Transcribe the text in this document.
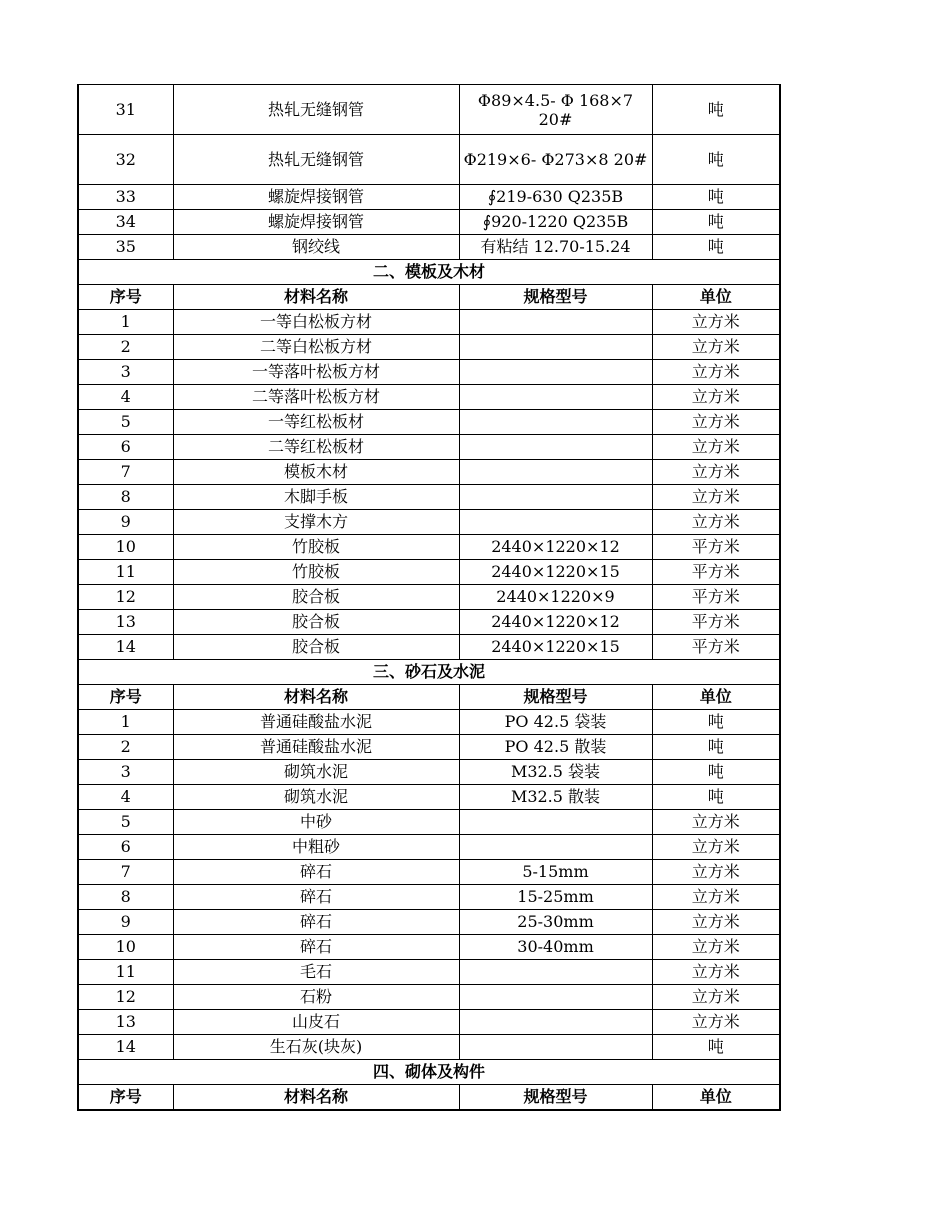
31	热轧无缝钢管	Φ89×4.5- Φ 168×7 20#	吨
32	热轧无缝钢管	Φ219×6- Φ273×8 20#	吨
33	螺旋焊接钢管	∮219-630 Q235B	吨
34	螺旋焊接钢管	∮920-1220 Q235B	吨
35	钢绞线	有粘结 12.70-15.24	吨
二、模板及木材			
序号	材料名称	规格型号	单位
1	一等白松板方材		立方米
2	二等白松板方材		立方米
3	一等落叶松板方材		立方米
4	二等落叶松板方材		立方米
5	一等红松板材		立方米
6	二等红松板材		立方米
7	模板木材		立方米
8	木脚手板		立方米
9	支撑木方		立方米
10	竹胶板	2440×1220×12	平方米
11	竹胶板	2440×1220×15	平方米
12	胶合板	2440×1220×9	平方米
13	胶合板	2440×1220×12	平方米
14	胶合板	2440×1220×15	平方米
三、砂石及水泥			
序号	材料名称	规格型号	单位
1	普通硅酸盐水泥	PO 42.5 袋装	吨
2	普通硅酸盐水泥	PO 42.5 散装	吨
3	砌筑水泥	M32.5 袋装	吨
4	砌筑水泥	M32.5 散装	吨
5	中砂		立方米
6	中粗砂		立方米
7	碎石	5-15mm	立方米
8	碎石	15-25mm	立方米
9	碎石	25-30mm	立方米
10	碎石	30-40mm	立方米
11	毛石		立方米
12	石粉		立方米
13	山皮石		立方米
14	生石灰(块灰)		吨
四、砌体及构件			
序号	材料名称	规格型号	单位
